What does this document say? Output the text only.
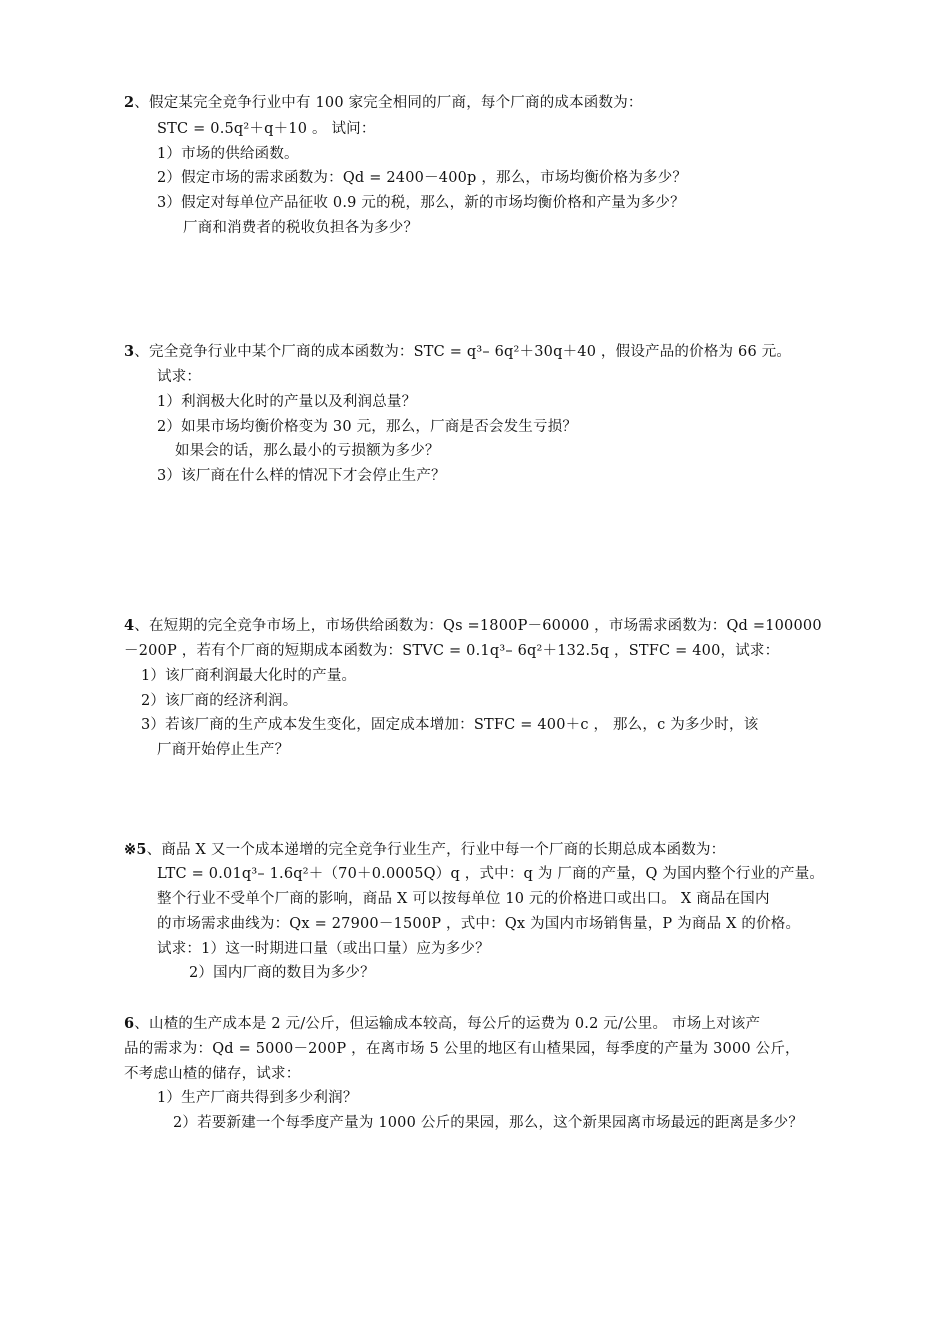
2、假定某完全竞争行业中有 100 家完全相同的厂商，每个厂商的成本函数为：
STC = 0.5q²＋q＋10 。 试问：
1）市场的供给函数。
2）假定市场的需求函数为：Qd = 2400－400p ，那么，市场均衡价格为多少？
3）假定对每单位产品征收 0.9 元的税，那么，新的市场均衡价格和产量为多少？
厂商和消费者的税收负担各为多少？
3、完全竞争行业中某个厂商的成本函数为：STC = q³– 6q²＋30q＋40 ，假设产品的价格为 66 元。
试求：
1）利润极大化时的产量以及利润总量？
2）如果市场均衡价格变为 30 元，那么，厂商是否会发生亏损？
如果会的话，那么最小的亏损额为多少？
3）该厂商在什么样的情况下才会停止生产？
4、在短期的完全竞争市场上，市场供给函数为：Qs =1800P－60000 ，市场需求函数为：Qd =100000
－200P ，若有个厂商的短期成本函数为：STVC = 0.1q³– 6q²＋132.5q ，STFC = 400，试求：
1）该厂商利润最大化时的产量。
2）该厂商的经济利润。
3）若该厂商的生产成本发生变化，固定成本增加：STFC = 400＋c ， 那么，c 为多少时，该
厂商开始停止生产？
※5、商品 X 又一个成本递增的完全竞争行业生产，行业中每一个厂商的长期总成本函数为：
LTC = 0.01q³– 1.6q²＋（70＋0.0005Q）q ，式中：q 为 厂商的产量，Q 为国内整个行业的产量。
整个行业不受单个厂商的影响，商品 X 可以按每单位 10 元的价格进口或出口。 X 商品在国内
的市场需求曲线为：Qx = 27900－1500P ，式中：Qx 为国内市场销售量，P 为商品 X 的价格。
试求：1）这一时期进口量（或出口量）应为多少？
2）国内厂商的数目为多少？
6、山楂的生产成本是 2 元/公斤，但运输成本较高，每公斤的运费为 0.2 元/公里。 市场上对该产
品的需求为：Qd = 5000－200P ，在离市场 5 公里的地区有山楂果园，每季度的产量为 3000 公斤，
不考虑山楂的储存，试求：
1）生产厂商共得到多少利润？
2）若要新建一个每季度产量为 1000 公斤的果园，那么，这个新果园离市场最远的距离是多少？
